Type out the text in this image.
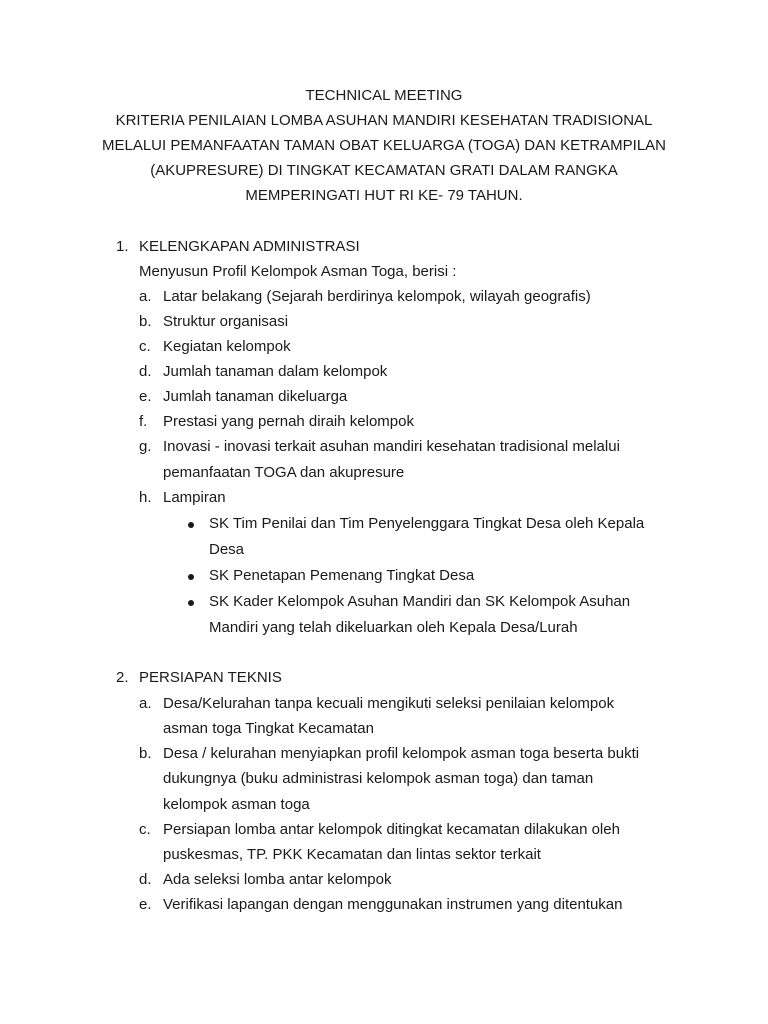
TECHNICAL MEETING
KRITERIA PENILAIAN LOMBA ASUHAN MANDIRI KESEHATAN TRADISIONAL
MELALUI PEMANFAATAN TAMAN OBAT KELUARGA (TOGA) DAN KETRAMPILAN
(AKUPRESURE) DI TINGKAT KECAMATAN GRATI DALAM RANGKA
MEMPERINGATI HUT RI KE- 79 TAHUN.
1. KELENGKAPAN ADMINISTRASI
Menyusun Profil Kelompok Asman Toga, berisi :
a. Latar belakang (Sejarah berdirinya kelompok, wilayah geografis)
b. Struktur organisasi
c. Kegiatan kelompok
d. Jumlah tanaman dalam kelompok
e. Jumlah tanaman dikeluarga
f. Prestasi yang pernah diraih kelompok
g. Inovasi - inovasi terkait asuhan mandiri kesehatan tradisional melalui
pemanfaatan TOGA dan akupresure
h. Lampiran
SK Tim Penilai dan Tim Penyelenggara Tingkat Desa oleh Kepala
Desa
SK Penetapan Pemenang Tingkat Desa
SK Kader Kelompok Asuhan Mandiri dan SK Kelompok Asuhan
Mandiri yang telah dikeluarkan oleh Kepala Desa/Lurah
2. PERSIAPAN TEKNIS
a. Desa/Kelurahan tanpa kecuali mengikuti seleksi penilaian kelompok
asman toga Tingkat Kecamatan
b. Desa / kelurahan menyiapkan profil kelompok asman toga beserta bukti
dukungnya (buku administrasi kelompok asman toga) dan taman
kelompok asman toga
c. Persiapan lomba antar kelompok ditingkat kecamatan dilakukan oleh
puskesmas, TP. PKK Kecamatan dan lintas sektor terkait
d. Ada seleksi lomba antar kelompok
e. Verifikasi lapangan dengan menggunakan instrumen yang ditentukan
